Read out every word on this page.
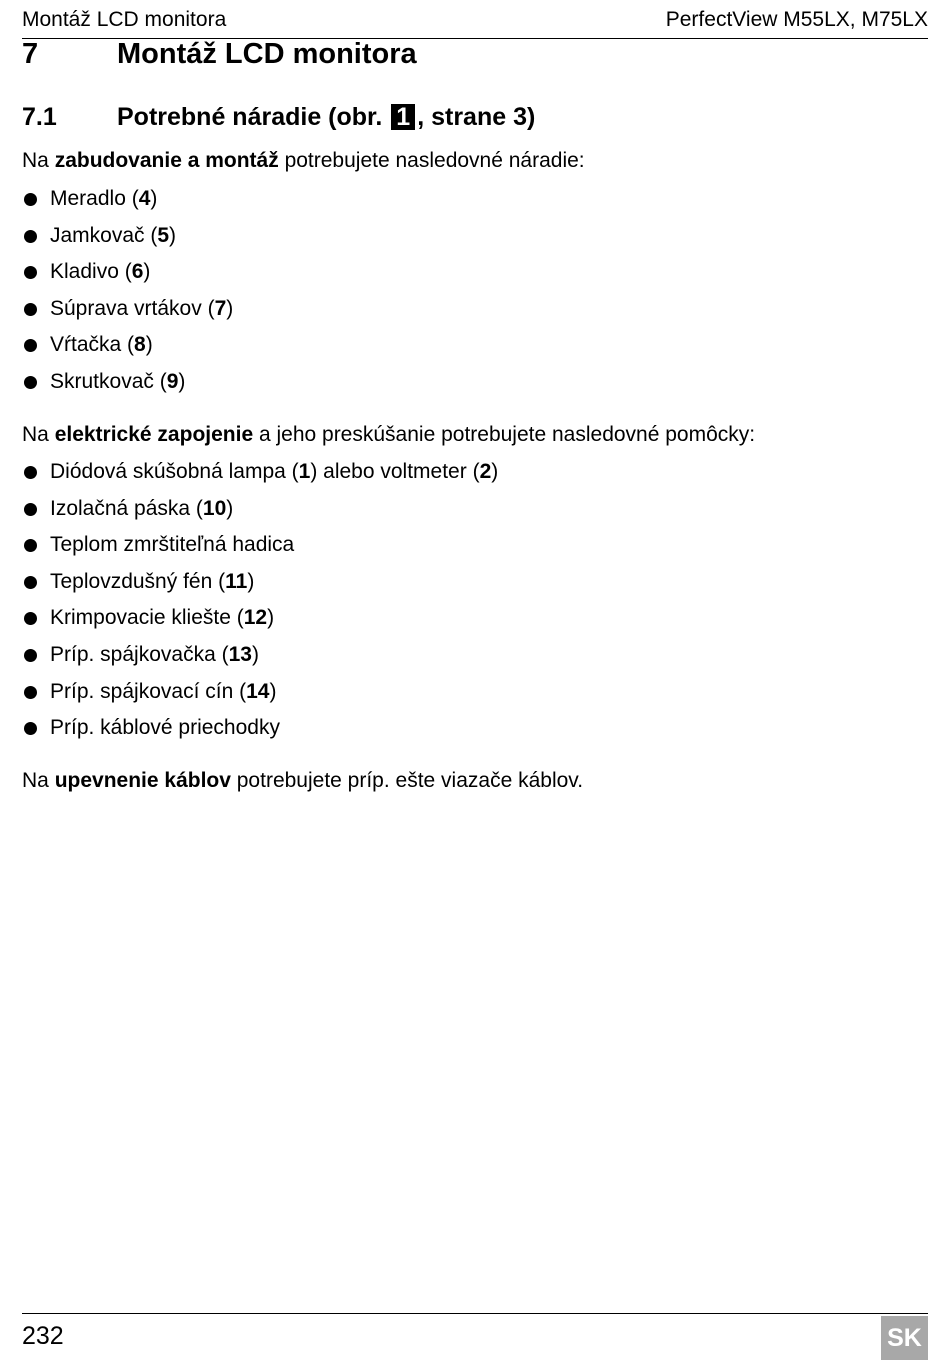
Montáž LCD monitora	PerfectView M55LX, M75LX
7	Montáž LCD monitora
7.1 Potrebné náradie (obr. 1 , strane 3)
Na zabudovanie a montáž potrebujete nasledovné náradie:
Meradlo (4)
Jamkovač (5)
Kladivo (6)
Súprava vrtákov (7)
Vŕtačka (8)
Skrutkovač (9)
Na elektrické zapojenie a jeho preskúšanie potrebujete nasledovné pomôcky:
Diódová skúšobná lampa (1) alebo voltmeter (2)
Izolačná páska (10)
Teplom zmrštiteľná hadica
Teplovzdušný fén (11)
Krimpovacie kliešte (12)
Príp. spájkovačka (13)
Príp. spájkovací cín (14)
Príp. káblové priechodky
Na upevnenie káblov potrebujete príp. ešte viazače káblov.
232	SK
